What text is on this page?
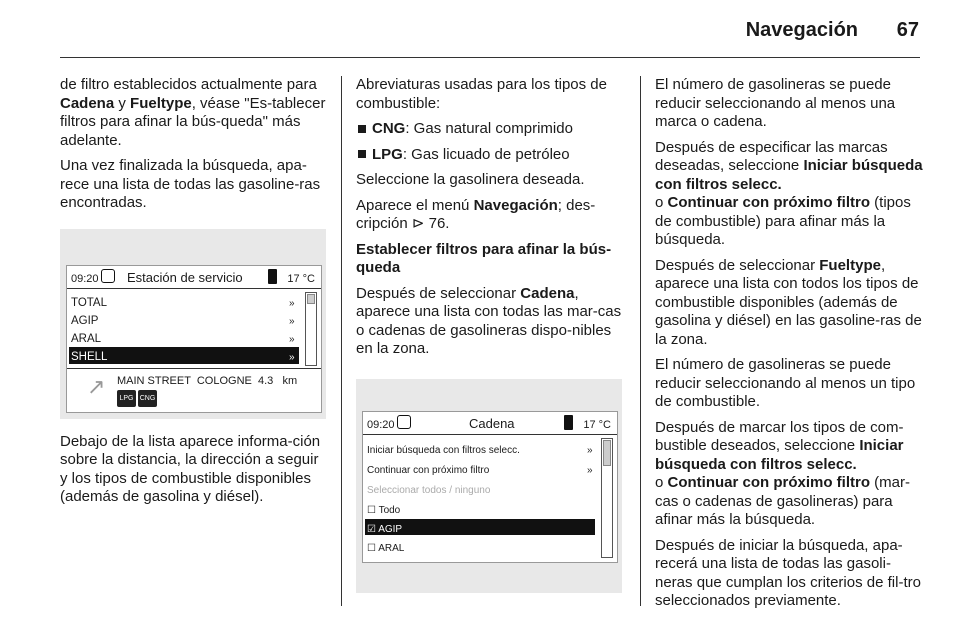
Navegación 67

de filtro establecidos actualmente para Cadena y Fueltype, véase "Es-tablecer filtros para afinar la bús-queda" más adelante.

Una vez finalizada la búsqueda, apa-rece una lista de todas las gasoline-ras encontradas.

09:20 Estación de servicio	17 °C
TOTAL	»
AGIP	»
ARAL	»
SHELL	»
↗ MAIN STREET  COLOGNE  4.3   km
LPG CNG

Debajo de la lista aparece informa-ción sobre la distancia, la dirección a seguir y los tipos de combustible disponibles (además de gasolina y diésel).

Abreviaturas usadas para los tipos de combustible:

CNG: Gas natural comprimido
LPG: Gas licuado de petróleo

Seleccione la gasolinera deseada.

Aparece el menú Navegación; des-cripción ⊳ 76.

Establecer filtros para afinar la bús-queda

Después de seleccionar Cadena, aparece una lista con todas las mar-cas o cadenas de gasolineras dispo-nibles en la zona.

09:20	Cadena	17 °C
Iniciar búsqueda con filtros selecc.	»
Continuar con próximo filtro	»
Seleccionar todos / ninguno
☐ Todo
☑ AGIP
☐ ARAL

El número de gasolineras se puede reducir seleccionando al menos una marca o cadena.

Después de especificar las marcas deseadas, seleccione Iniciar búsqueda con filtros selecc.
o Continuar con próximo filtro (tipos de combustible) para afinar más la búsqueda.

Después de seleccionar Fueltype, aparece una lista con todos los tipos de combustible disponibles (además de gasolina y diésel) en las gasoline-ras de la zona.

El número de gasolineras se puede reducir seleccionando al menos un tipo de combustible.

Después de marcar los tipos de com-bustible deseados, seleccione Iniciar búsqueda con filtros selecc.
o Continuar con próximo filtro (mar-cas o cadenas de gasolineras) para afinar más la búsqueda.

Después de iniciar la búsqueda, apa-recerá una lista de todas las gasoli-neras que cumplan los criterios de fil-tro seleccionados previamente.
